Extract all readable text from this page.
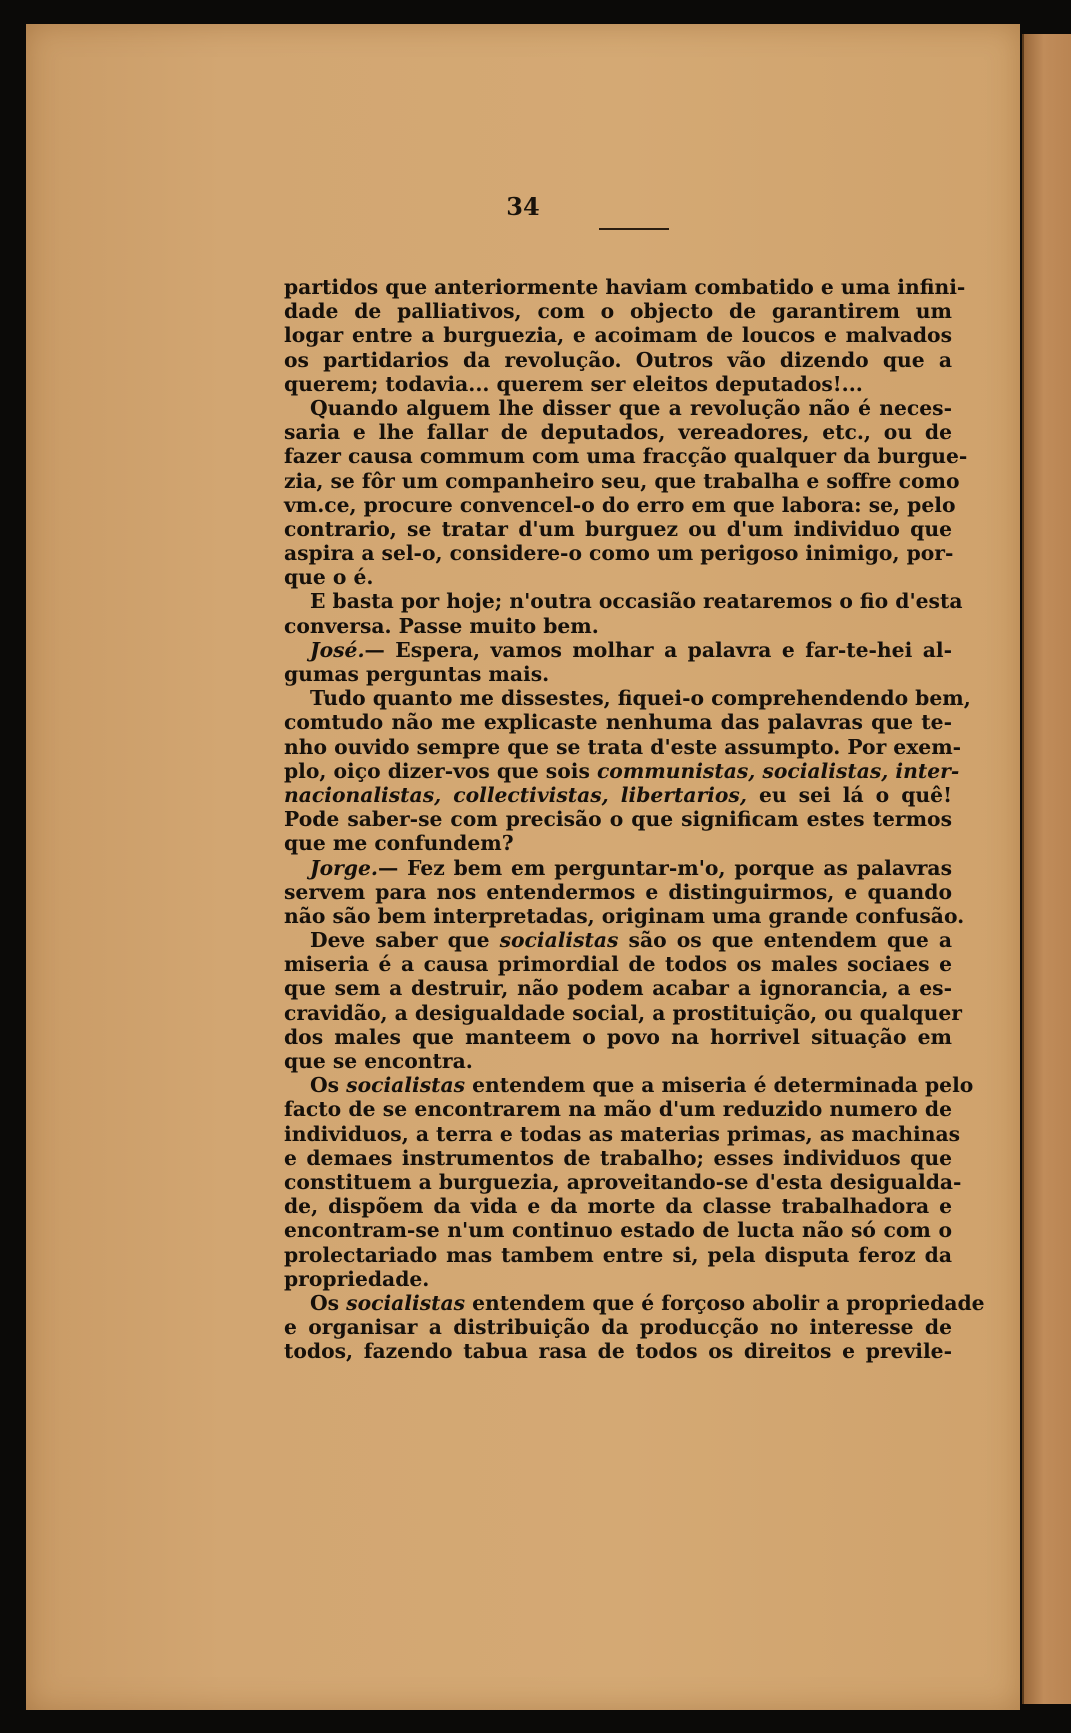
34
partidos que anteriormente haviam combatido e uma infini-
dade de palliativos, com o objecto de garantirem um
logar entre a burguezia, e acoimam de loucos e malvados
os partidarios da revolução. Outros vão dizendo que a
querem; todavia... querem ser eleitos deputados!...
Quando alguem lhe disser que a revolução não é neces-
saria e lhe fallar de deputados, vereadores, etc., ou de
fazer causa commum com uma fracção qualquer da burgue-
zia, se fôr um companheiro seu, que trabalha e soffre como
vm.ce, procure convencel-o do erro em que labora: se, pelo
contrario, se tratar d'um burguez ou d'um individuo que
aspira a sel-o, considere-o como um perigoso inimigo, por-
que o é.
E basta por hoje; n'outra occasião reataremos o fio d'esta
conversa. Passe muito bem.
José.— Espera, vamos molhar a palavra e far-te-hei al-
gumas perguntas mais.
Tudo quanto me dissestes, fiquei-o comprehendendo bem,
comtudo não me explicaste nenhuma das palavras que te-
nho ouvido sempre que se trata d'este assumpto. Por exem-
plo, oiço dizer-vos que sois communistas, socialistas, inter-
nacionalistas, collectivistas, libertarios, eu sei lá o quê!
Pode saber-se com precisão o que significam estes termos
que me confundem?
Jorge.— Fez bem em perguntar-m'o, porque as palavras
servem para nos entendermos e distinguirmos, e quando
não são bem interpretadas, originam uma grande confusão.
Deve saber que socialistas são os que entendem que a
miseria é a causa primordial de todos os males sociaes e
que sem a destruir, não podem acabar a ignorancia, a es-
cravidão, a desigualdade social, a prostituição, ou qualquer
dos males que manteem o povo na horrivel situação em
que se encontra.
Os socialistas entendem que a miseria é determinada pelo
facto de se encontrarem na mão d'um reduzido numero de
individuos, a terra e todas as materias primas, as machinas
e demaes instrumentos de trabalho; esses individuos que
constituem a burguezia, aproveitando-se d'esta desigualda-
de, dispõem da vida e da morte da classe trabalhadora e
encontram-se n'um continuo estado de lucta não só com o
prolectariado mas tambem entre si, pela disputa feroz da
propriedade.
Os socialistas entendem que é forçoso abolir a propriedade
e organisar a distribuição da producção no interesse de
todos, fazendo tabua rasa de todos os direitos e previle-
